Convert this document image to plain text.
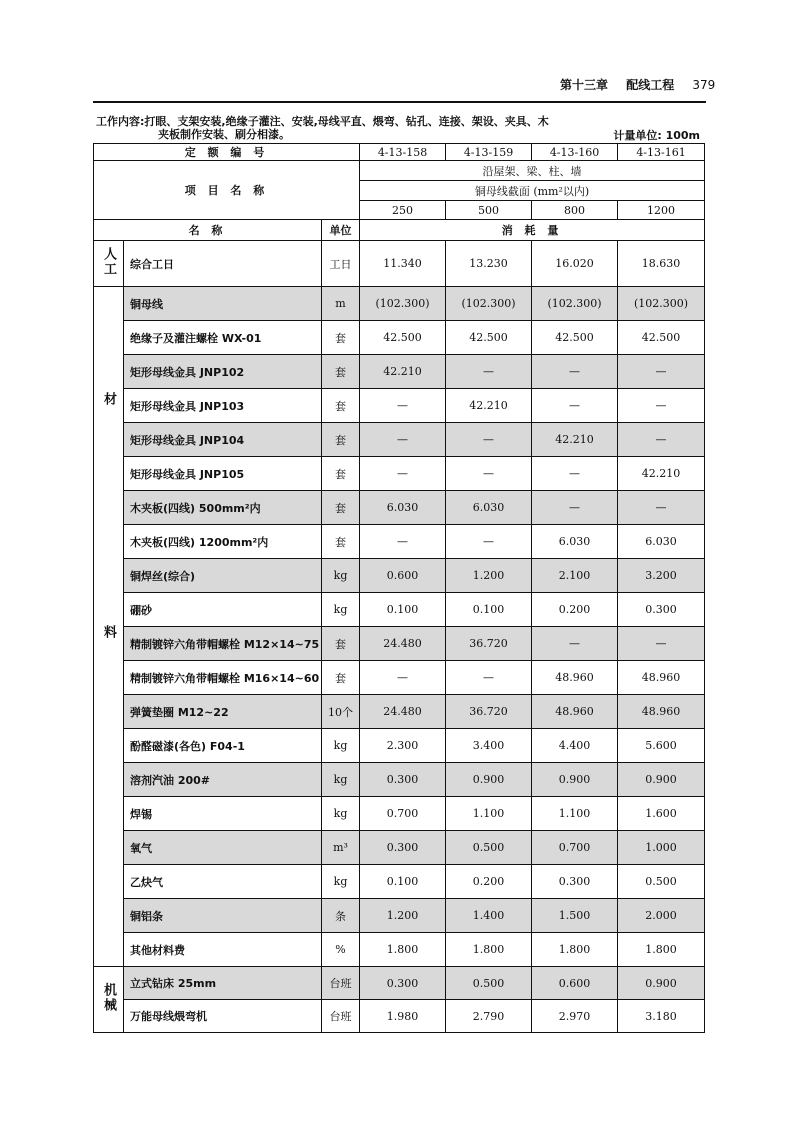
第十三章 配线工程 379
工作内容:打眼、支架安装,绝缘子灌注、安装,母线平直、煨弯、钻孔、连接、架设、夹具、木
夹板制作安装、刷分相漆。	计量单位: 100m
定 额 编 号			4-13-158	4-13-159	4-13-160	4-13-161
项 目 名 称			沿屋架、梁、柱、墙			
			铜母线截面 (mm²以内)			
			250	500	800	1200
名 称		单位	消 耗 量			
人工	综合工日	工日	11.340	13.230	16.020	18.630
材料	铜母线	m	(102.300)	(102.300)	(102.300)	(102.300)
	绝缘子及灌注螺栓 WX-01	套	42.500	42.500	42.500	42.500
	矩形母线金具 JNP102	套	42.210	—	—	—
	矩形母线金具 JNP103	套	—	42.210	—	—
	矩形母线金具 JNP104	套	—	—	42.210	—
	矩形母线金具 JNP105	套	—	—	—	42.210
	木夹板(四线) 500mm²内	套	6.030	6.030	—	—
	木夹板(四线) 1200mm²内	套	—	—	6.030	6.030
	铜焊丝(综合)	kg	0.600	1.200	2.100	3.200
	硼砂	kg	0.100	0.100	0.200	0.300
	精制镀锌六角带帽螺栓 M12×14~75	套	24.480	36.720	—	—
	精制镀锌六角带帽螺栓 M16×14~60	套	—	—	48.960	48.960
	弹簧垫圈 M12~22	10个	24.480	36.720	48.960	48.960
	酚醛磁漆(各色) F04-1	kg	2.300	3.400	4.400	5.600
	溶剂汽油 200#	kg	0.300	0.900	0.900	0.900
	焊锡	kg	0.700	1.100	1.100	1.600
	氧气	m³	0.300	0.500	0.700	1.000
	乙炔气	kg	0.100	0.200	0.300	0.500
	铜铝条	条	1.200	1.400	1.500	2.000
	其他材料费	%	1.800	1.800	1.800	1.800
机械	立式钻床 25mm	台班	0.300	0.500	0.600	0.900
	万能母线煨弯机	台班	1.980	2.790	2.970	3.180
